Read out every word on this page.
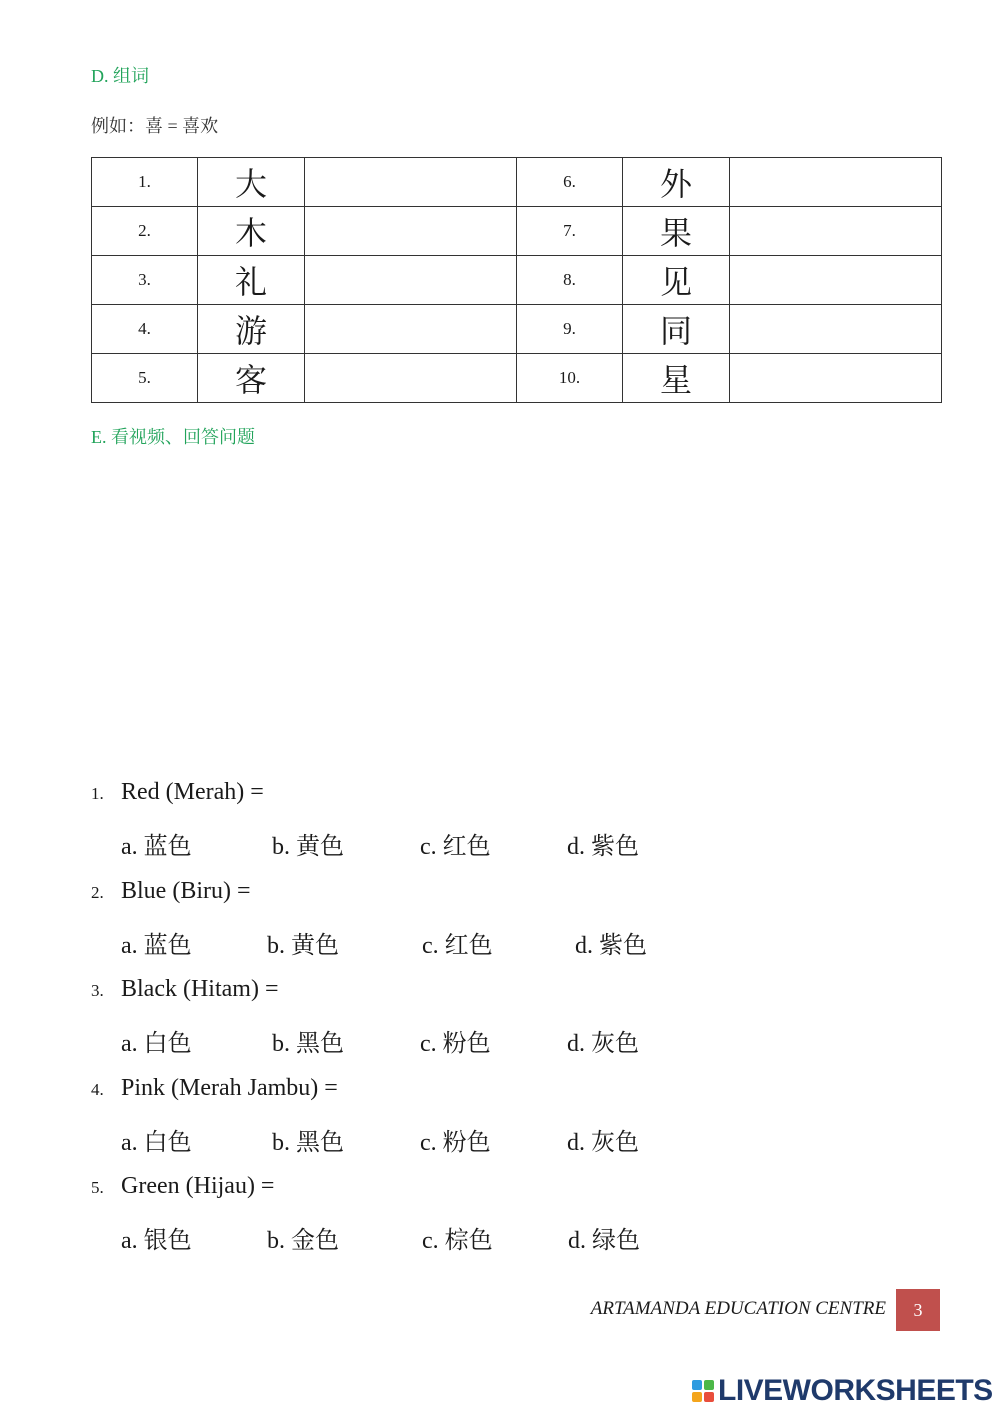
D. 组词
例如：喜 = 喜欢
1.	大		6.	外	
2.	木		7.	果	
3.	礼		8.	见	
4.	游		9.	同	
5.	客		10.	星	
E. 看视频、回答问题
1. Red (Merah) =
a. 蓝色	b. 黄色	c. 红色	d. 紫色
2. Blue (Biru) =
a. 蓝色	b. 黄色	c. 红色	d. 紫色
3. Black (Hitam) =
a. 白色	b. 黑色	c. 粉色	d. 灰色
4. Pink (Merah Jambu) =
a. 白色	b. 黑色	c. 粉色	d. 灰色
5. Green (Hijau) =
a. 银色	b. 金色	c. 棕色	d. 绿色
ARTAMANDA EDUCATION CENTRE	3
LIVEWORKSHEETS
